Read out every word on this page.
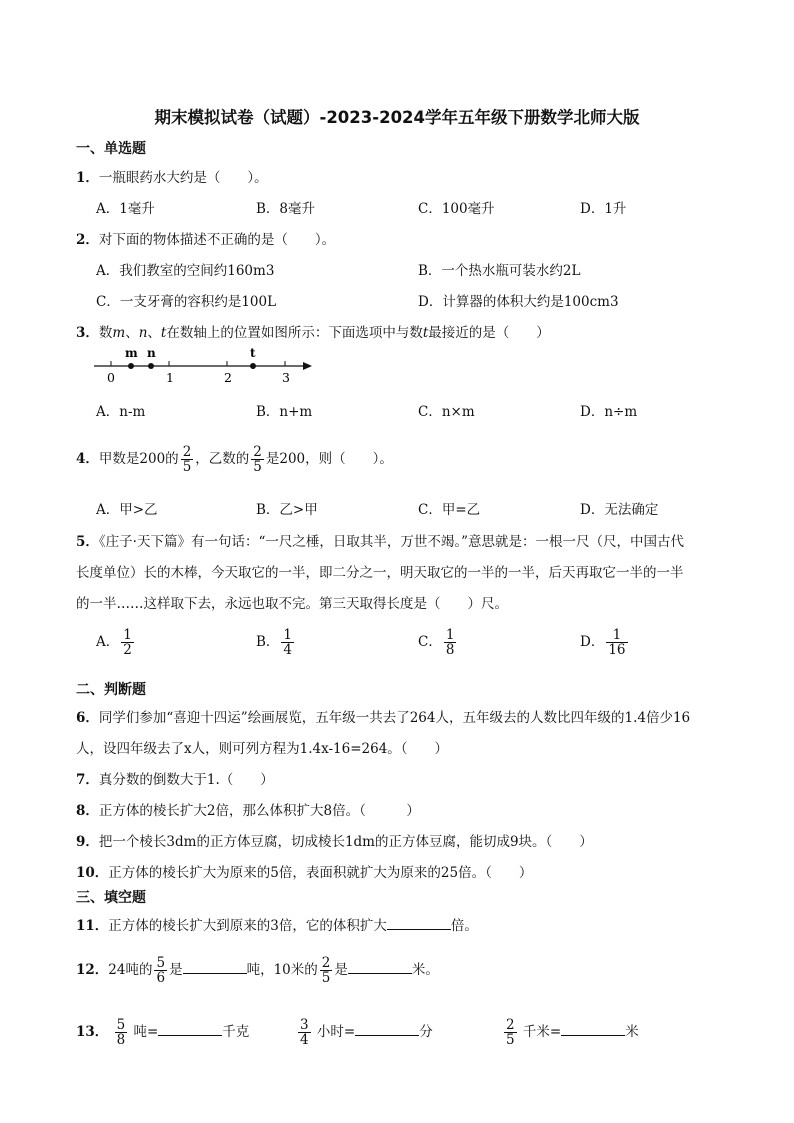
期末模拟试卷（试题）-2023-2024学年五年级下册数学北师大版
一、单选题
1．一瓶眼药水大约是（　　）。
A．1毫升	B．8毫升	C．100毫升	D．1升
2．对下面的物体描述不正确的是（　　）。
A．我们教室的空间约160m3	B．一个热水瓶可装水约2L
C．一支牙膏的容积约是100L	D．计算器的体积大约是100cm3
3．数m、n、t在数轴上的位置如图所示：下面选项中与数t最接近的是（　　）
0	1	2	3
m n	t
A．n-m	B．n+m	C．n×m	D．n÷m
4．甲数是200的 $\frac{2}{5}$ ，乙数的 $\frac{2}{5}$ 是200，则（　　）。
A．甲>乙	B．乙>甲	C．甲=乙	D．无法确定
5．《庄子·天下篇》有一句话：“一尺之棰，日取其半，万世不竭。”意思就是：一根一尺（尺，中国古代
长度单位）长的木棒，今天取它的一半，即二分之一，明天取它的一半的一半，后天再取它一半的一半
的一半……这样取下去，永远也取不完。第三天取得长度是（　　）尺。
A． $\frac{1}{2}$	B． $\frac{1}{4}$	C． $\frac{1}{8}$	D． $\frac{1}{16}$
二、判断题
6．同学们参加“喜迎十四运”绘画展览，五年级一共去了264人，五年级去的人数比四年级的1.4倍少16
人，设四年级去了x人，则可列方程为1.4x-16=264。（　　）
7．真分数的倒数大于1.（　　）
8．正方体的棱长扩大2倍，那么体积扩大8倍。（　　　）
9．把一个棱长3dm的正方体豆腐，切成棱长1dm的正方体豆腐，能切成9块。（　　）
10．正方体的棱长扩大为原来的5倍，表面积就扩大为原来的25倍。（　　）
三、填空题
11．正方体的棱长扩大到原来的3倍，它的体积扩大	倍。
12．24吨的 $\frac{5}{6}$ 是	吨，10米的 $\frac{2}{5}$ 是	米。
13． $\frac{5}{8}$ 吨=	千克	$\frac{3}{4}$ 小时=	分	$\frac{2}{5}$ 千米=	米
